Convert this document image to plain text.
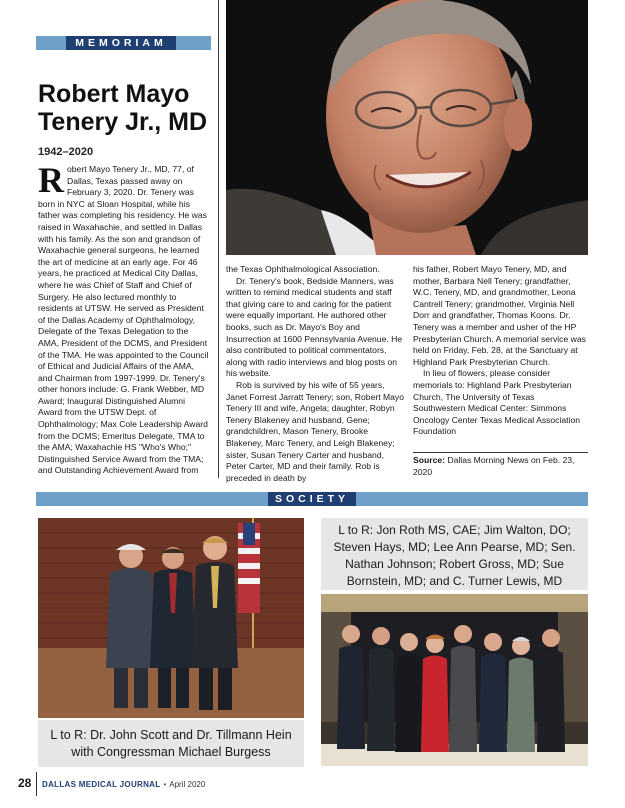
MEMORIAM
Robert Mayo Tenery Jr., MD
1942–2020
R obert Mayo Tenery Jr., MD, 77, of Dallas, Texas passed away on February 3, 2020. Dr. Tenery was born in NYC at Sloan Hospital, while his father was completing his residency. He was raised in Waxahachie, and settled in Dallas with his family. As the son and grandson of Waxahachie general surgeons, he learned the art of medicine at an early age. For 46 years, he practiced at Medical City Dallas, where he was Chief of Staff and Chief of Surgery. He also lectured monthly to residents at UTSW. He served as President of the Dallas Academy of Ophthalmology, Delegate of the Texas Delegation to the AMA, President of the DCMS, and President of the TMA. He was appointed to the Council of Ethical and Judicial Affairs of the AMA, and Chairman from 1997-1999. Dr. Tenery's other honors include: G. Frank Webber, MD Award; Inaugural Distinguished Alumni Award from the UTSW Dept. of Ophthalmology; Max Cole Leadership Award from the DCMS; Emeritus Delegate, TMA to the AMA; Waxahachie HS "Who's Who;" Distinguished Service Award from the TMA; and Outstanding Achievement Award from

the Texas Ophthalmological Association.

Dr. Tenery's book, Bedside Manners, was written to remind medical students and staff that giving care to and caring for the patient were equally important. He authored other books, such as Dr. Mayo's Boy and Insurrection at 1600 Pennsylvania Avenue. He also contributed to political commentators, along with radio interviews and blog posts on his website.

Rob is survived by his wife of 55 years, Janet Forrest Jarratt Tenery; son, Robert Mayo Tenery III and wife, Angela; daughter, Robyn Tenery Blakeney and husband, Gene; grandchildren, Mason Tenery, Brooke Blakeney, Marc Tenery, and Leigh Blakeney; sister, Susan Tenery Carter and husband, Peter Carter, MD and their family. Rob is preceded in death by

his father, Robert Mayo Tenery, MD, and mother, Barbara Nell Tenery; grandfather, W.C. Tenery, MD, and grandmother, Leona Cantrell Tenery; grandmother, Virginia Nell Dorr and grandfather, Thomas Koons. Dr. Tenery was a member and usher of the HP Presbyterian Church. A memorial service was held on Friday, Feb. 28, at the Sanctuary at Highland Park Presbyterian Church.

In lieu of flowers, please consider memorials to: Highland Park Presbyterian Church, The University of Texas Southwestern Medical Center: Simmons Oncology Center Texas Medical Association Foundation

Source: Dallas Morning News on Feb. 23, 2020
SOCIETY
L to R: Dr. John Scott and Dr. Tillmann Hein with Congressman Michael Burgess
L to R: Jon Roth MS, CAE; Jim Walton, DO; Steven Hays, MD; Lee Ann Pearse, MD; Sen. Nathan Johnson; Robert Gross, MD; Sue Bornstein, MD; and C. Turner Lewis, MD
28 DALLAS MEDICAL JOURNAL • April 2020
